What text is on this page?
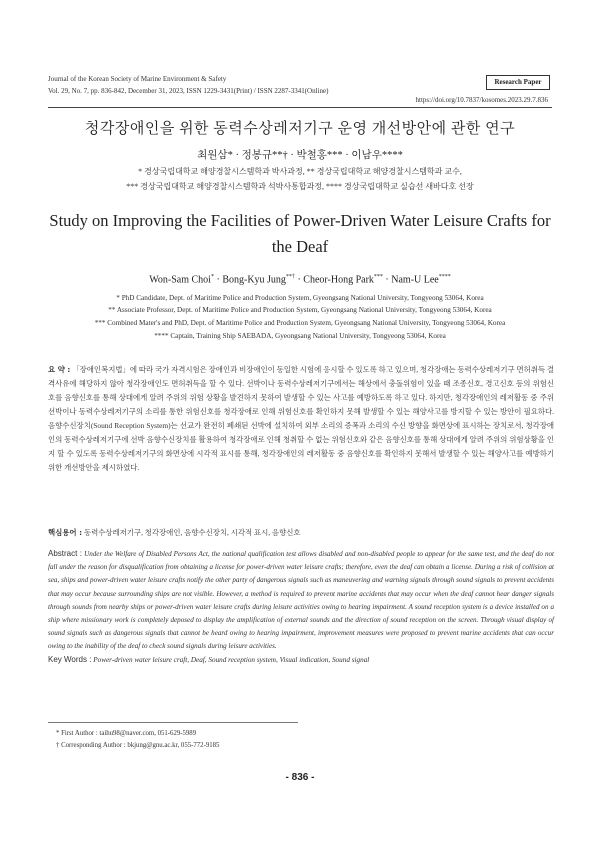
Journal of the Korean Society of Marine Environment & Safety
Vol. 29, No. 7, pp. 836-842, December 31, 2023, ISSN 1229-3431(Print) / ISSN 2287-3341(Online)
Research Paper
https://doi.org/10.7837/kosomes.2023.29.7.836
청각장애인을 위한 동력수상레저기구 운영 개선방안에 관한 연구
최원삼* · 정봉규**† · 박철홍*** · 이남우****
* 경상국립대학교 해양경찰시스템학과 박사과정, ** 경상국립대학교 해양경찰시스템학과 교수,
*** 경상국립대학교 해양경찰시스템학과 석박사통합과정, **** 경상국립대학교 실습선 새바다호 선장
Study on Improving the Facilities of Power-Driven Water Leisure Crafts for the Deaf
Won-Sam Choi* · Bong-Kyu Jung**† · Cheor-Hong Park*** · Nam-U Lee****
* PhD Candidate, Dept. of Maritime Police and Production System, Gyeongsang National University, Tongyeong 53064, Korea
** Associate Professor, Dept. of Maritime Police and Production System, Gyeongsang National University, Tongyeong 53064, Korea
*** Combined Mater's and PhD, Dept. of Maritime Police and Production System, Gyeongsang National University, Tongyeong 53064, Korea
**** Captain, Training Ship SAEBADA, Gyeongsang National University, Tongyeong 53064, Korea
요 약 : 「장애인복지법」에 따라 국가 자격시험은 장애인과 비장애인이 동일한 시험에 응시할 수 있도록 하고 있으며, 청각장애는 동력수상레저기구 면허취득 결격사유에 해당하지 않아 청각장애인도 면허취득을 할 수 있다. 선박이나 동력수상레저기구에서는 해상에서 충돌위험이 있을 때 조종신호, 경고신호 등의 위험신호를 음향신호를 통해 상대에게 알려 주위의 위험 상황을 발견하지 못하여 발생할 수 있는 사고를 예방하도록 하고 있다. 하지만, 청각장애인의 레저활동 중 주위 선박이나 동력수상레저기구의 소리를 통한 위험신호를 청각장애로 인해 위험신호를 확인하지 못해 발생할 수 있는 해양사고를 방지할 수 있는 방안이 필요하다. 음향수신장치(Sound Reception System)는 선교가 완전히 폐쇄된 선박에 설치하여 외부 소리의 증폭과 소리의 수신 방향을 화면상에 표시하는 장치로서, 청각장애인의 동력수상레저기구에 선박 음향수신장치를 활용하여 청각장애로 인해 청취할 수 없는 위험신호와 같은 음향신호를 통해 상대에게 알려 주위의 위험상황을 인지 할 수 있도록 동력수상레저기구의 화면상에 시각적 표시를 통해, 청각장애인의 레저활동 중 음향신호를 확인하지 못해서 발생할 수 있는 해양사고를 예방하기 위한 개선방안을 제시하였다.
핵심용어 : 동력수상레저기구, 청각장애인, 음향수신장치, 시각적 표시, 음향신호
Abstract : Under the Welfare of Disabled Persons Act, the national qualification test allows disabled and non-disabled people to appear for the same test, and the deaf do not fall under the reason for disqualification from obtaining a license for power-driven water leisure crafts; therefore, even the deaf can obtain a license. During a risk of collision at sea, ships and power-driven water leisure crafts notify the other party of dangerous signals such as maneuvering and warning signals through sound signals to prevent accidents that may occur because surrounding ships are not visible. However, a method is required to prevent marine accidents that may occur when the deaf cannot hear danger signals through sounds from nearby ships or power-driven water leisure crafts during leisure activities owing to hearing impairment. A sound reception system is a device installed on a ship where missionary work is completely deposed to display the amplification of external sounds and the direction of sound reception on the screen. Through visual display of sound signals such as dangerous signals that cannot be heard owing to hearing impairment, improvement measures were proposed to prevent marine accidents that can occur owing to the inability of the deaf to check sound signals during leisure activities.
Key Words : Power-driven water leisure craft, Deaf, Sound reception system, Visual indication, Sound signal
* First Author : taihu98@naver.com, 051-629-5989
† Corresponding Author : bkjung@gnu.ac.kr, 055-772-9185
- 836 -
